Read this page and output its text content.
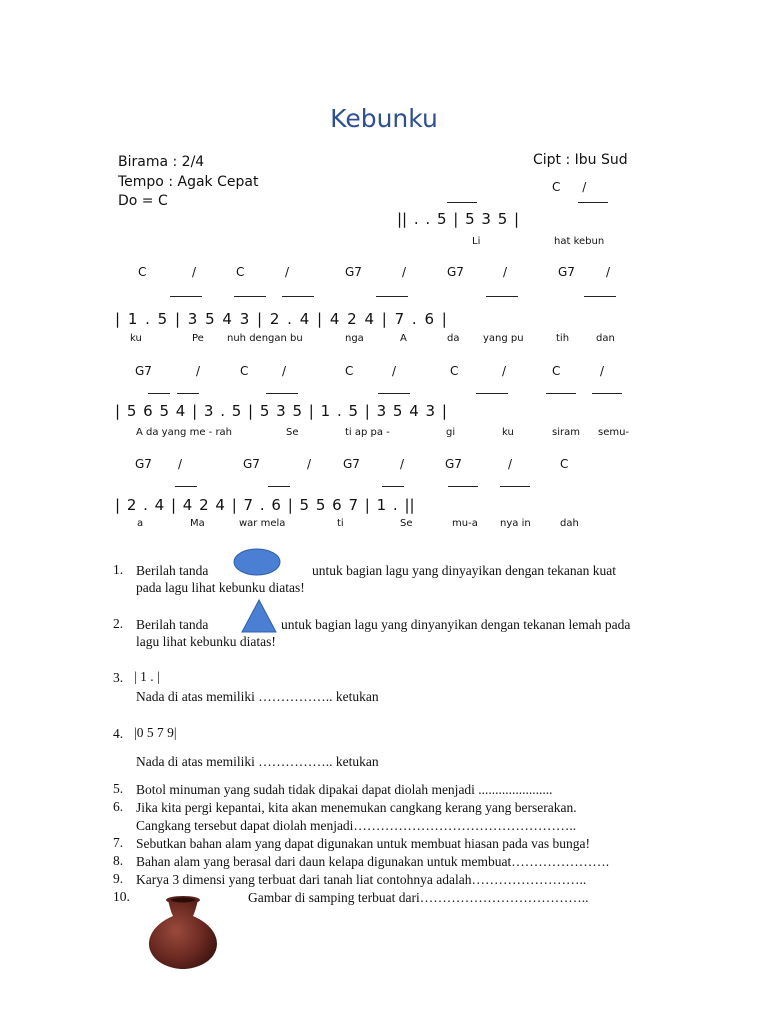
Kebunku
Birama : 2/4
Tempo : Agak Cepat
Do = C
Cipt : Ibu Sud
C /
|| . . 5 | 5 3 5 |
Li	hat kebun
C	/	C	/	G7	/	G7	/	G7	/
| 1 . 5 | 3 5 4 3 | 2 . 4 | 4 2 4 | 7 . 6 |
ku	Pe nuh dengan bu	nga	A	da yang pu	tih	dan
G7	/	C	/	C	/	C	/	C	/
| 5 6 5 4 | 3 . 5 | 5 3 5 | 1 . 5 | 3 5 4 3 |
A da yang me - rah	Se	ti ap pa -	gi	ku	siram semu-
G7 /	G7	/	G7	/	G7	/	C
| 2 . 4 | 4 2 4 | 7 . 6 | 5 5 6 7 | 1 . ||
a	Ma	war mela	ti	Se	mu-a nya in	dah
1. Berilah tanda	untuk bagian lagu yang dinyayikan dengan tekanan kuat
pada lagu lihat kebunku diatas!
2. Berilah tanda	untuk bagian lagu yang dinyanyikan dengan tekanan lemah pada
lagu lihat kebunku diatas!
3. | 1 . |
Nada di atas memiliki …………….. ketukan
4. |0 5 7 9|
Nada di atas memiliki …………….. ketukan
5. Botol minuman yang sudah tidak dipakai dapat diolah menjadi ......................
6. Jika kita pergi kepantai, kita akan menemukan cangkang kerang yang berserakan.
Cangkang tersebut dapat diolah menjadi…………………………………………..
7. Sebutkan bahan alam yang dapat digunakan untuk membuat hiasan pada vas bunga!
8. Bahan alam yang berasal dari daun kelapa digunakan untuk membuat………………….
9. Karya 3 dimensi yang terbuat dari tanah liat contohnya adalah……………………..
10.	Gambar di samping terbuat dari………………………………..
